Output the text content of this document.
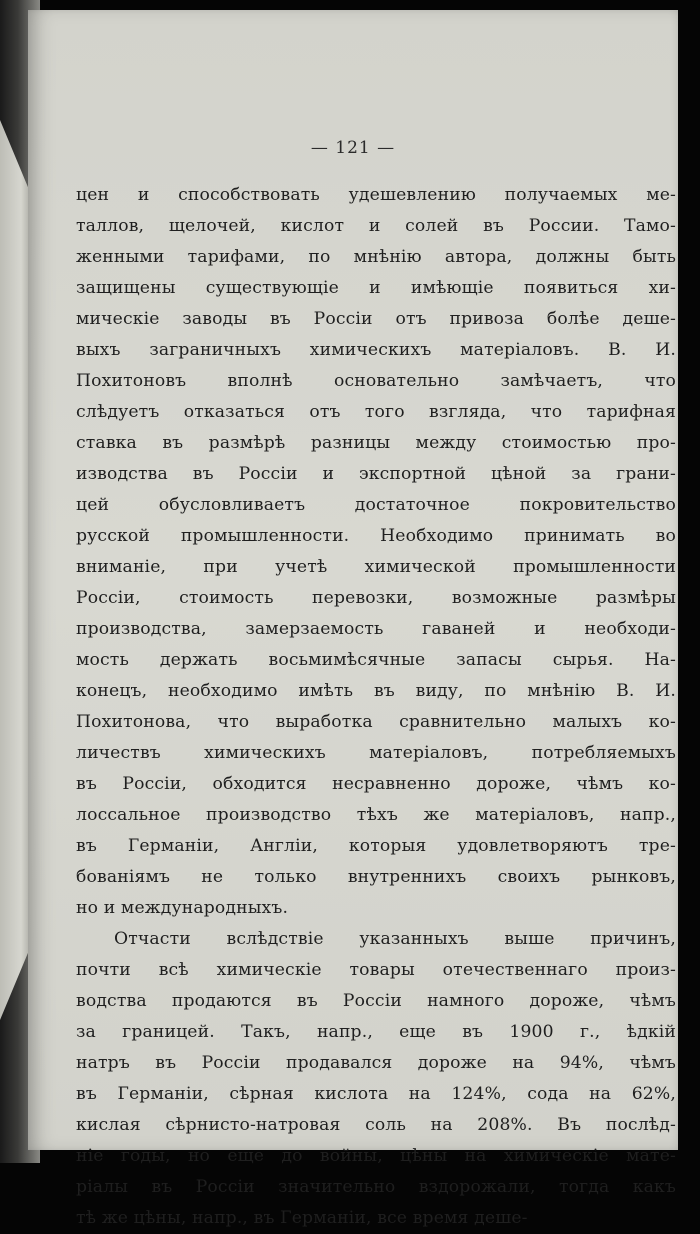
— 121 —
цен и способствовать удешевлению получаемых ме-
таллов, щелочей, кислот и солей въ России. Тамо-
женными тарифами, по мнѣнію автора, должны быть
защищены существующіе и имѣющіе появиться хи-
мическіе заводы въ Россіи отъ привоза болѣе деше-
выхъ заграничныхъ химическихъ матеріаловъ. В. И.
Похитоновъ вполнѣ основательно замѣчаетъ, что
слѣдуетъ отказаться отъ того взгляда, что тарифная
ставка въ размѣрѣ разницы между стоимостью про-
изводства въ Россіи и экспортной цѣной за грани-
цей обусловливаетъ достаточное покровительство
русской промышленности. Необходимо принимать во
вниманіе, при учетѣ химической промышленности
Россіи, стоимость перевозки, возможные размѣры
производства, замерзаемость гаваней и необходи-
мость держать восьмимѣсячные запасы сырья. На-
конецъ, необходимо имѣть въ виду, по мнѣнію В. И.
Похитонова, что выработка сравнительно малыхъ ко-
личествъ химическихъ матеріаловъ, потребляемыхъ
въ Россіи, обходится несравненно дороже, чѣмъ ко-
лоссальное производство тѣхъ же матеріаловъ, напр.,
въ Германіи, Англіи, которыя удовлетворяютъ тре-
бованіямъ не только внутреннихъ своихъ рынковъ,
но и международныхъ.
Отчасти вслѣдствіе указанныхъ выше причинъ,
почти всѣ химическіе товары отечественнаго произ-
водства продаются въ Россіи намного дороже, чѣмъ
за границей. Такъ, напр., еще въ 1900 г., ѣдкій
натръ въ Россіи продавался дороже на 94%, чѣмъ
въ Германіи, сѣрная кислота на 124%, сода на 62%,
кислая сѣрнисто-натровая соль на 208%. Въ послѣд-
ніе годы, но еще до войны, цѣны на химическіе мате-
ріалы въ Россіи значительно вздорожали, тогда какъ
тѣ же цѣны, напр., въ Германіи, все время деше-
